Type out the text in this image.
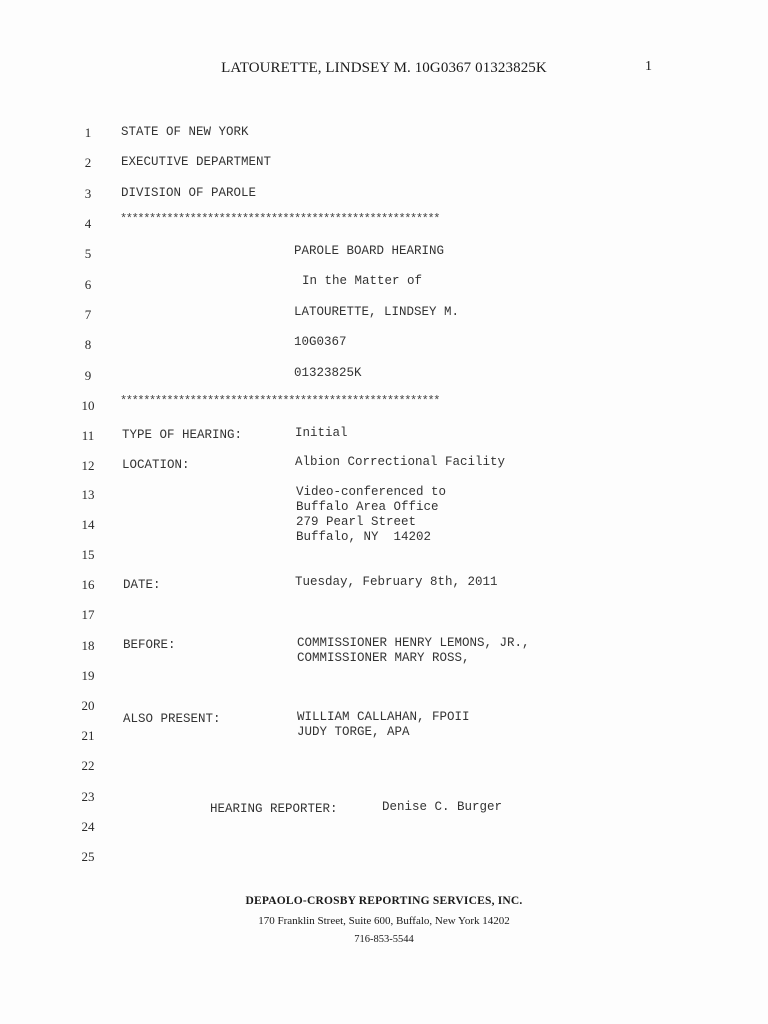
LATOURETTE, LINDSEY M. 10G0367 01323825K	1
1
2
3
4
5
6
7
8
9
10
11
12
13
14
15
16
17
18
19
20
21
22
23
24
25
STATE OF NEW YORK
EXECUTIVE DEPARTMENT
DIVISION OF PAROLE
*******************************************************
PAROLE BOARD HEARING
In the Matter of
LATOURETTE, LINDSEY M.
10G0367
01323825K
*******************************************************
TYPE OF HEARING:	Initial
LOCATION:	Albion Correctional Facility
Video-conferenced to
Buffalo Area Office
279 Pearl Street
Buffalo, NY  14202
DATE:	Tuesday, February 8th, 2011
BEFORE:	COMMISSIONER HENRY LEMONS, JR.,
COMMISSIONER MARY ROSS,
ALSO PRESENT:	WILLIAM CALLAHAN, FPOII
JUDY TORGE, APA
HEARING REPORTER:	Denise C. Burger
DEPAOLO-CROSBY REPORTING SERVICES, INC.
170 Franklin Street, Suite 600, Buffalo, New York 14202
716-853-5544
